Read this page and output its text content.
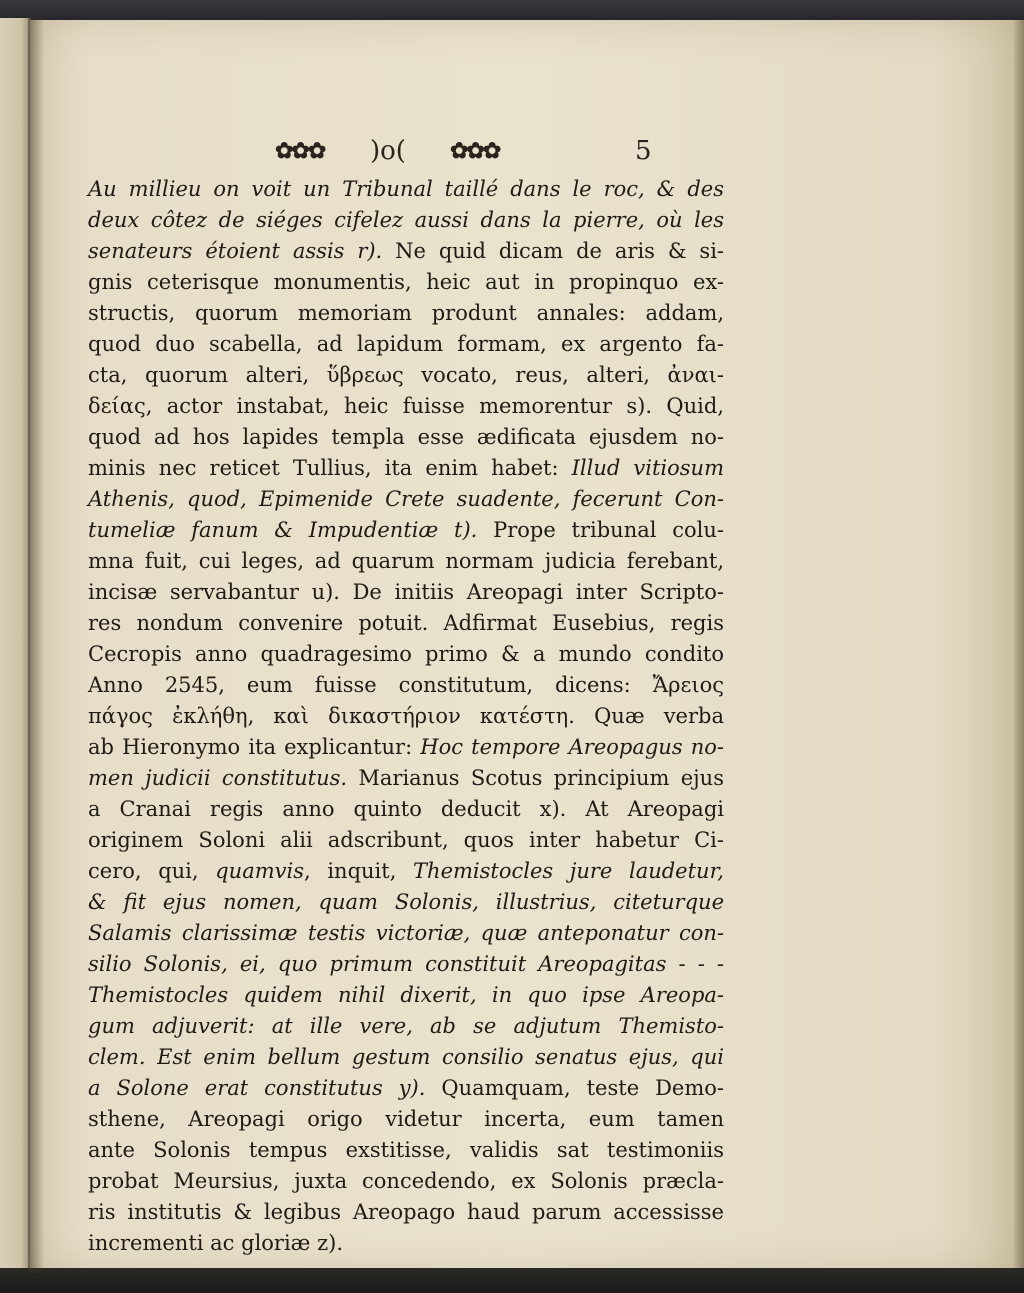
✿✿✿ )o( ✿✿✿	5
Au millieu on voit un Tribunal taillé dans le roc, & des
deux côtez de siéges cifelez aussi dans la pierre, où les
senateurs étoient assis r). Ne quid dicam de aris & si-
gnis ceterisque monumentis, heic aut in propinquo ex-
structis, quorum memoriam produnt annales: addam,
quod duo scabella, ad lapidum formam, ex argento fa-
cta, quorum alteri, ὕβρεως vocato, reus, alteri, ἀναι-
δείας, actor instabat, heic fuisse memorentur s). Quid,
quod ad hos lapides templa esse ædificata ejusdem no-
minis nec reticet Tullius, ita enim habet: Illud vitiosum
Athenis, quod, Epimenide Crete suadente, fecerunt Con-
tumeliæ fanum & Impudentiæ t). Prope tribunal colu-
mna fuit, cui leges, ad quarum normam judicia ferebant,
incisæ servabantur u). De initiis Areopagi inter Scripto-
res nondum convenire potuit. Adfirmat Eusebius, regis
Cecropis anno quadragesimo primo & a mundo condito
Anno 2545, eum fuisse constitutum, dicens: Ἄρειος
πάγος ἐκλήθη, καὶ δικαστήριον κατέστη. Quæ verba
ab Hieronymo ita explicantur: Hoc tempore Areopagus no-
men judicii constitutus. Marianus Scotus principium ejus
a Cranai regis anno quinto deducit x). At Areopagi
originem Soloni alii adscribunt, quos inter habetur Ci-
cero, qui, quamvis, inquit, Themistocles jure laudetur,
& fit ejus nomen, quam Solonis, illustrius, citeturque
Salamis clarissimæ testis victoriæ, quæ anteponatur con-
silio Solonis, ei, quo primum constituit Areopagitas - - -
Themistocles quidem nihil dixerit, in quo ipse Areopa-
gum adjuverit: at ille vere, ab se adjutum Themisto-
clem. Est enim bellum gestum consilio senatus ejus, qui
a Solone erat constitutus y). Quamquam, teste Demo-
sthene, Areopagi origo videtur incerta, eum tamen
ante Solonis tempus exstitisse, validis sat testimoniis
probat Meursius, juxta concedendo, ex Solonis præcla-
ris institutis & legibus Areopago haud parum accessisse
incrementi ac gloriæ z).
